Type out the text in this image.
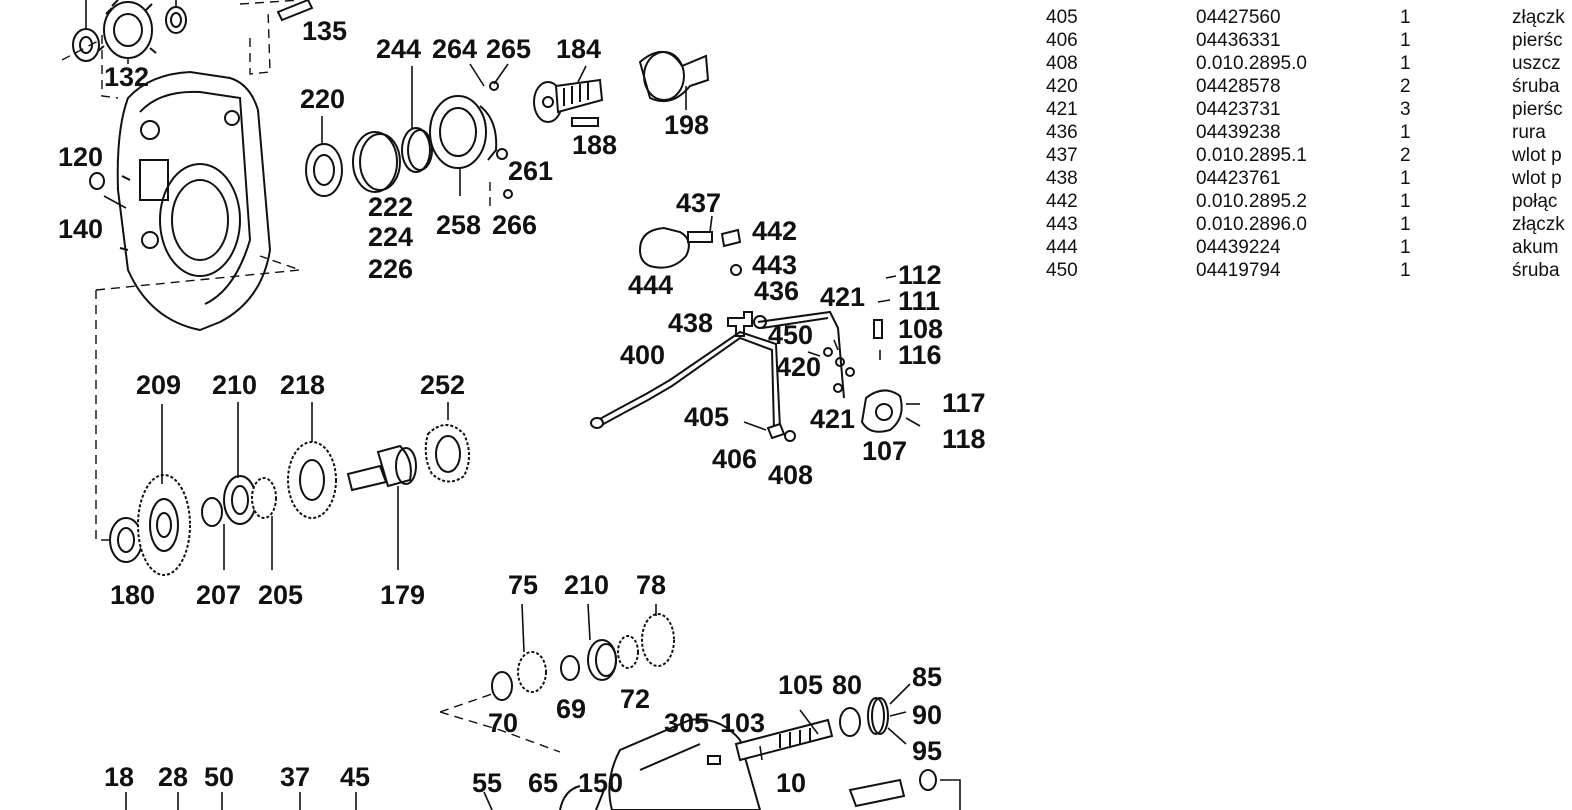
135
132
120
140
244 264 265 184
220
198
188
261
222
224
226
258 266
437
442
443
444	436 421
112
111
108
116
438 450
400	420
405
406
408
117
118
421
107
209 210 218	252
180 207 205	179	75 210 78
69 72
70
105 80 85
90
95
305 103
10
18 28 50 37 45	55 65 150
405	04427560	1	złączk
406	04436331	1	pierśc
408	0.010.2895.0	1	uszcz
420	04428578	2	śruba
421	04423731	3	pierśc
436	04439238	1	rura
437	0.010.2895.1	2	wlot p
438	04423761	1	wlot p
442	0.010.2895.2	1	połąc
443	0.010.2896.0	1	złączk
444	04439224	1	akum
450	04419794	1	śruba
